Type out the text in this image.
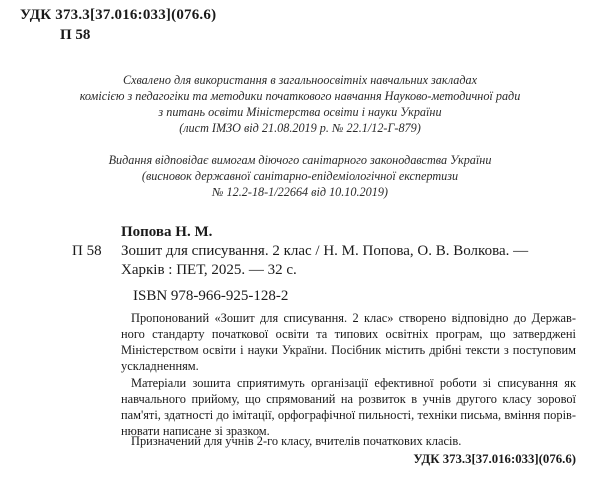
УДК 373.3[37.016:033](076.6)
П 58
Схвалено для використання в загальноосвітніх навчальних закладах
комісією з педагогіки та методики початкового навчання Науково-методичної ради
з питань освіти Міністерства освіти і науки України
(лист ІМЗО від 21.08.2019 р. № 22.1/12-Г-879)
Видання відповідає вимогам діючого санітарного законодавства України
(висновок державної санітарно-епідеміологічної експертизи
№ 12.2-18-1/22664 від 10.10.2019)
Попова Н. М.
П 58 Зошит для списування. 2 клас / Н. М. Попова, О. В. Волкова. —
Харків : ПЕТ, 2025. — 32 с.
ISBN 978-966-925-128-2
Пропонований «Зошит для списування. 2 клас» створено відповідно до Держав-
ного стандарту початкової освіти та типових освітніх програм, що затверджені
Міністерством освіти і науки України. Посібник містить дрібні тексти з поступовим
ускладненням.
Матеріали зошита сприятимуть організації ефективної роботи зі списування як
навчального прийому, що спрямований на розвиток в учнів другого класу зорової
пам'яті, здатності до імітації, орфографічної пильності, техніки письма, вміння порів-
нювати написане зі зразком.
Призначений для учнів 2-го класу, вчителів початкових класів.
УДК 373.3[37.016:033](076.6)
